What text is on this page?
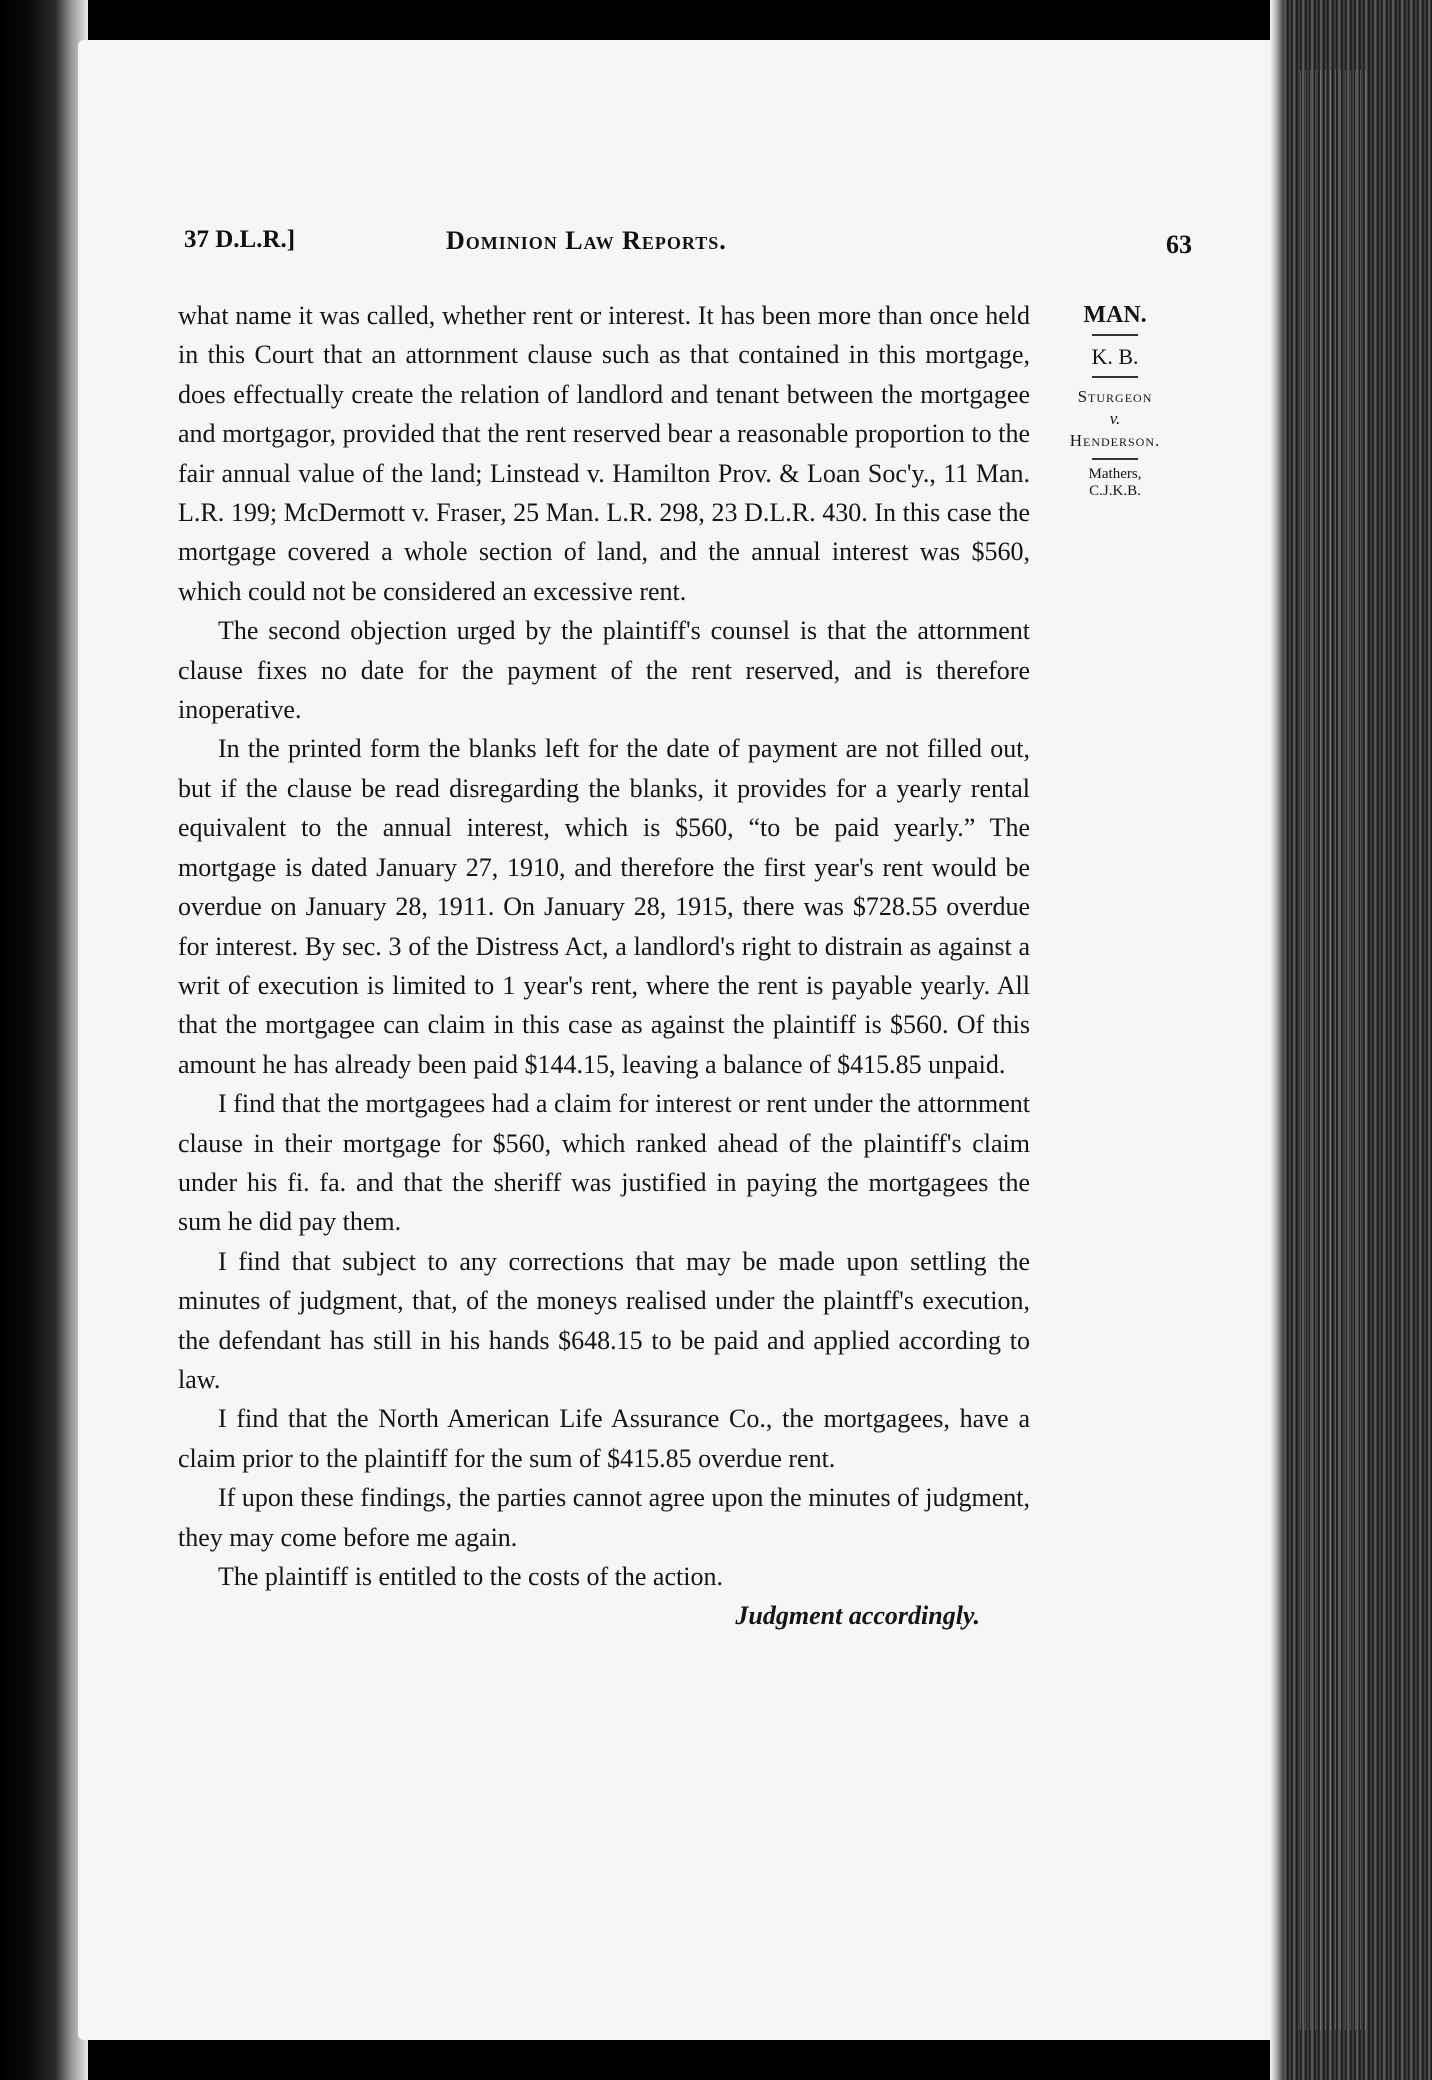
37 D.L.R.]	Dominion Law Reports.	63
MAN.
K. B.
Sturgeon
v.
Henderson.
Mathers,
C.J.K.B.

what name it was called, whether rent or interest. It has been more than once held in this Court that an attornment clause such as that contained in this mortgage, does effectually create the relation of landlord and tenant between the mortgagee and mortgagor, provided that the rent reserved bear a reasonable proportion to the fair annual value of the land; Linstead v. Hamilton Prov. & Loan Soc'y., 11 Man. L.R. 199; McDermott v. Fraser, 25 Man. L.R. 298, 23 D.L.R. 430. In this case the mortgage covered a whole section of land, and the annual interest was $560, which could not be considered an excessive rent.

The second objection urged by the plaintiff's counsel is that the attornment clause fixes no date for the payment of the rent reserved, and is therefore inoperative.

In the printed form the blanks left for the date of payment are not filled out, but if the clause be read disregarding the blanks, it provides for a yearly rental equivalent to the annual interest, which is $560, “to be paid yearly.” The mortgage is dated January 27, 1910, and therefore the first year's rent would be overdue on January 28, 1911. On January 28, 1915, there was $728.55 overdue for interest. By sec. 3 of the Distress Act, a landlord's right to distrain as against a writ of execution is limited to 1 year's rent, where the rent is payable yearly. All that the mortgagee can claim in this case as against the plaintiff is $560. Of this amount he has already been paid $144.15, leaving a balance of $415.85 unpaid.

I find that the mortgagees had a claim for interest or rent under the attornment clause in their mortgage for $560, which ranked ahead of the plaintiff's claim under his fi. fa. and that the sheriff was justified in paying the mortgagees the sum he did pay them.

I find that subject to any corrections that may be made upon settling the minutes of judgment, that, of the moneys realised under the plaintff's execution, the defendant has still in his hands $648.15 to be paid and applied according to law.

I find that the North American Life Assurance Co., the mortgagees, have a claim prior to the plaintiff for the sum of $415.85 overdue rent.

If upon these findings, the parties cannot agree upon the minutes of judgment, they may come before me again.

The plaintiff is entitled to the costs of the action.

Judgment accordingly.
